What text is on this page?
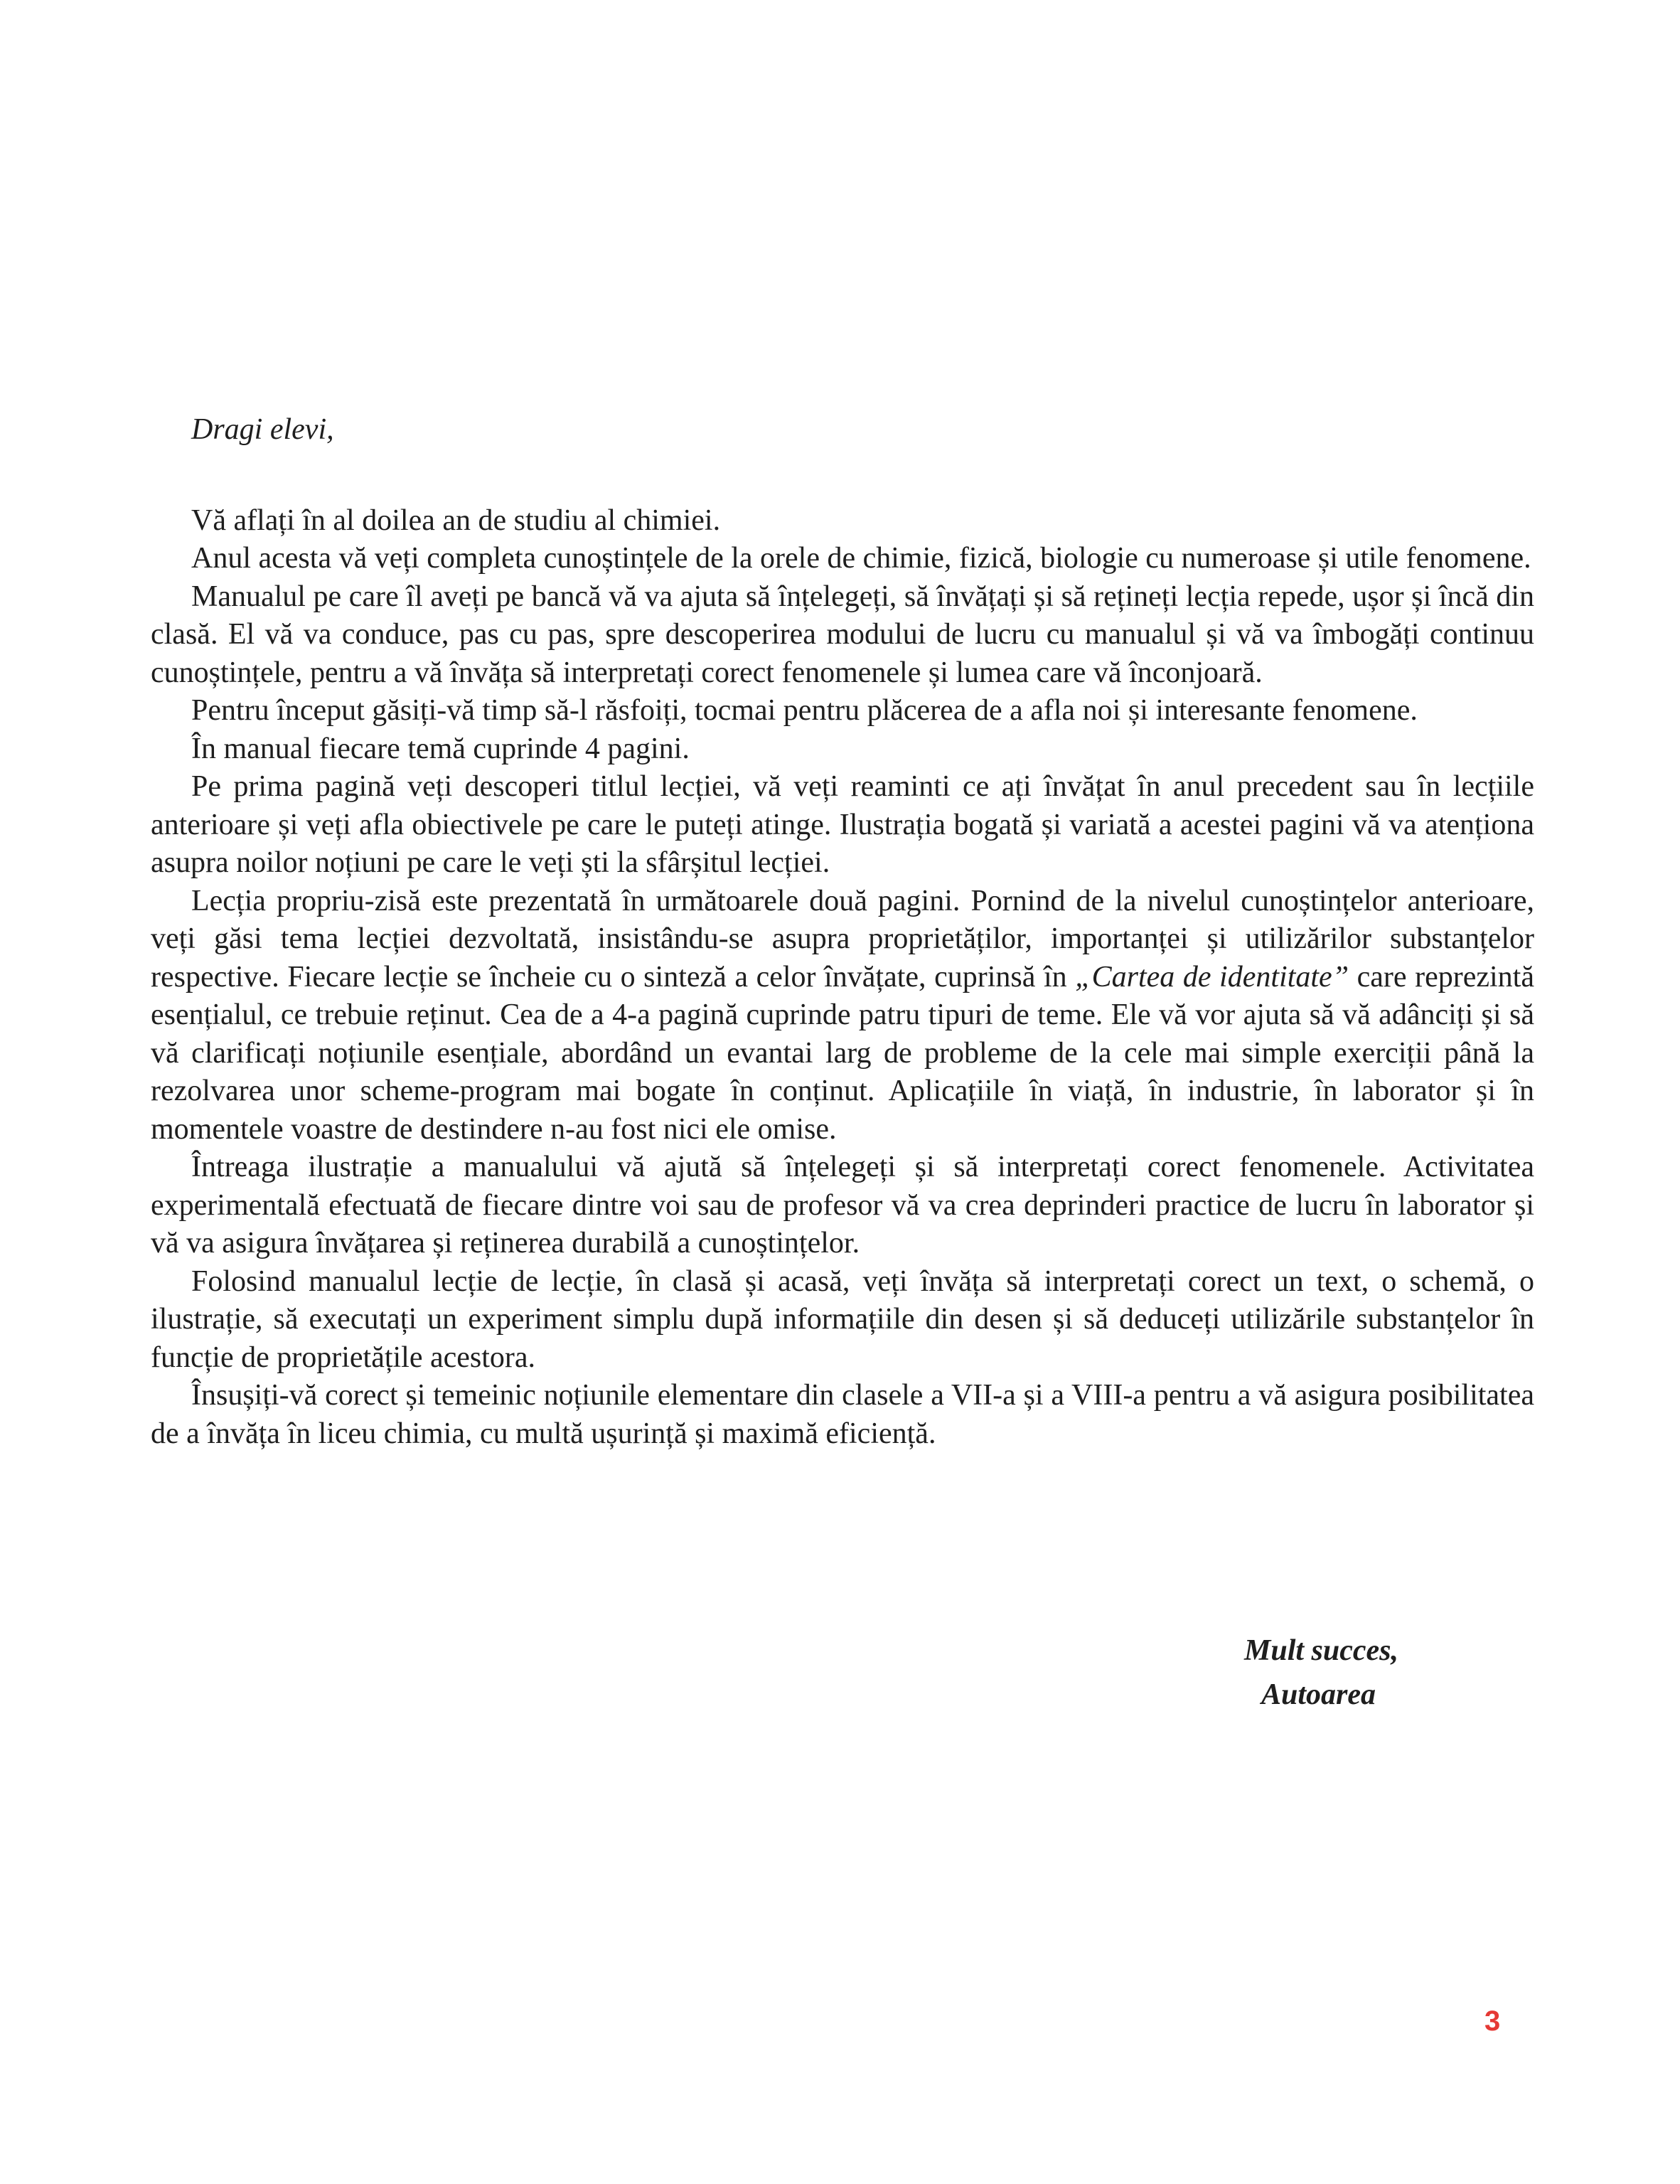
Dragi elevi,

Vă aflați în al doilea an de studiu al chimiei.

Anul acesta vă veți completa cunoștințele de la orele de chimie, fizică, biologie cu numeroase și utile fenomene.

Manualul pe care îl aveți pe bancă vă va ajuta să înțelegeți, să învățați și să rețineți lecția repede, ușor și încă din clasă. El vă va conduce, pas cu pas, spre descoperirea modului de lucru cu manualul și vă va îmbogăți continuu cunoștințele, pentru a vă învăța să interpretați corect fenomenele și lumea care vă înconjoară.

Pentru început găsiți-vă timp să-l răsfoiți, tocmai pentru plăcerea de a afla noi și interesante fenomene.

În manual fiecare temă cuprinde 4 pagini.

Pe prima pagină veți descoperi titlul lecției, vă veți reaminti ce ați învățat în anul precedent sau în lecțiile anterioare și veți afla obiectivele pe care le puteți atinge. Ilustrația bogată și variată a acestei pagini vă va atenționa asupra noilor noțiuni pe care le veți ști la sfârșitul lecției.

Lecția propriu-zisă este prezentată în următoarele două pagini. Pornind de la nivelul cunoștințelor anterioare, veți găsi tema lecției dezvoltată, insistându-se asupra proprietăților, importanței și utilizărilor substanțelor respective. Fiecare lecție se încheie cu o sinteză a celor învățate, cuprinsă în „Cartea de identitate” care reprezintă esențialul, ce trebuie reținut. Cea de a 4-a pagină cuprinde patru tipuri de teme. Ele vă vor ajuta să vă adânciți și să vă clarificați noțiunile esențiale, abordând un evantai larg de probleme de la cele mai simple exerciții până la rezolvarea unor scheme-program mai bogate în conținut. Aplicațiile în viață, în industrie, în laborator și în momentele voastre de destindere n-au fost nici ele omise.

Întreaga ilustrație a manualului vă ajută să înțelegeți și să interpretați corect fenomenele. Activitatea experimentală efectuată de fiecare dintre voi sau de profesor vă va crea deprinderi practice de lucru în laborator și vă va asigura învățarea și reținerea durabilă a cunoștințelor.

Folosind manualul lecție de lecție, în clasă și acasă, veți învăța să interpretați corect un text, o schemă, o ilustrație, să executați un experiment simplu după informațiile din desen și să deduceți utilizările substanțelor în funcție de proprietățile acestora.

Însușiți-vă corect și temeinic noțiunile elementare din clasele a VII-a și a VIII-a pentru a vă asigura posibilitatea de a învăța în liceu chimia, cu multă ușurință și maximă eficiență.

Mult succes,
Autoarea
3
